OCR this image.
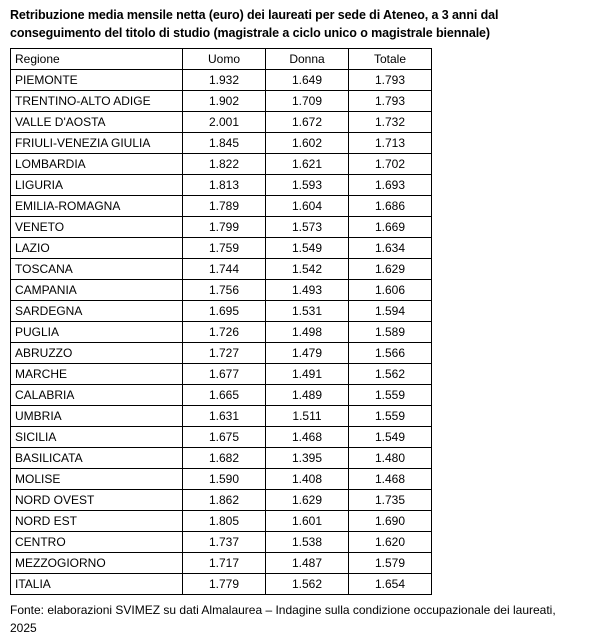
Retribuzione media mensile netta (euro) dei laureati per sede di Ateneo, a 3 anni dal conseguimento del titolo di studio (magistrale a ciclo unico o magistrale biennale)

Regione	Uomo	Donna	Totale
PIEMONTE	1.932	1.649	1.793
TRENTINO-ALTO ADIGE	1.902	1.709	1.793
VALLE D'AOSTA	2.001	1.672	1.732
FRIULI-VENEZIA GIULIA	1.845	1.602	1.713
LOMBARDIA	1.822	1.621	1.702
LIGURIA	1.813	1.593	1.693
EMILIA-ROMAGNA	1.789	1.604	1.686
VENETO	1.799	1.573	1.669
LAZIO	1.759	1.549	1.634
TOSCANA	1.744	1.542	1.629
CAMPANIA	1.756	1.493	1.606
SARDEGNA	1.695	1.531	1.594
PUGLIA	1.726	1.498	1.589
ABRUZZO	1.727	1.479	1.566
MARCHE	1.677	1.491	1.562
CALABRIA	1.665	1.489	1.559
UMBRIA	1.631	1.511	1.559
SICILIA	1.675	1.468	1.549
BASILICATA	1.682	1.395	1.480
MOLISE	1.590	1.408	1.468
NORD OVEST	1.862	1.629	1.735
NORD EST	1.805	1.601	1.690
CENTRO	1.737	1.538	1.620
MEZZOGIORNO	1.717	1.487	1.579
ITALIA	1.779	1.562	1.654

Fonte: elaborazioni SVIMEZ su dati Almalaurea – Indagine sulla condizione occupazionale dei laureati, 2025
